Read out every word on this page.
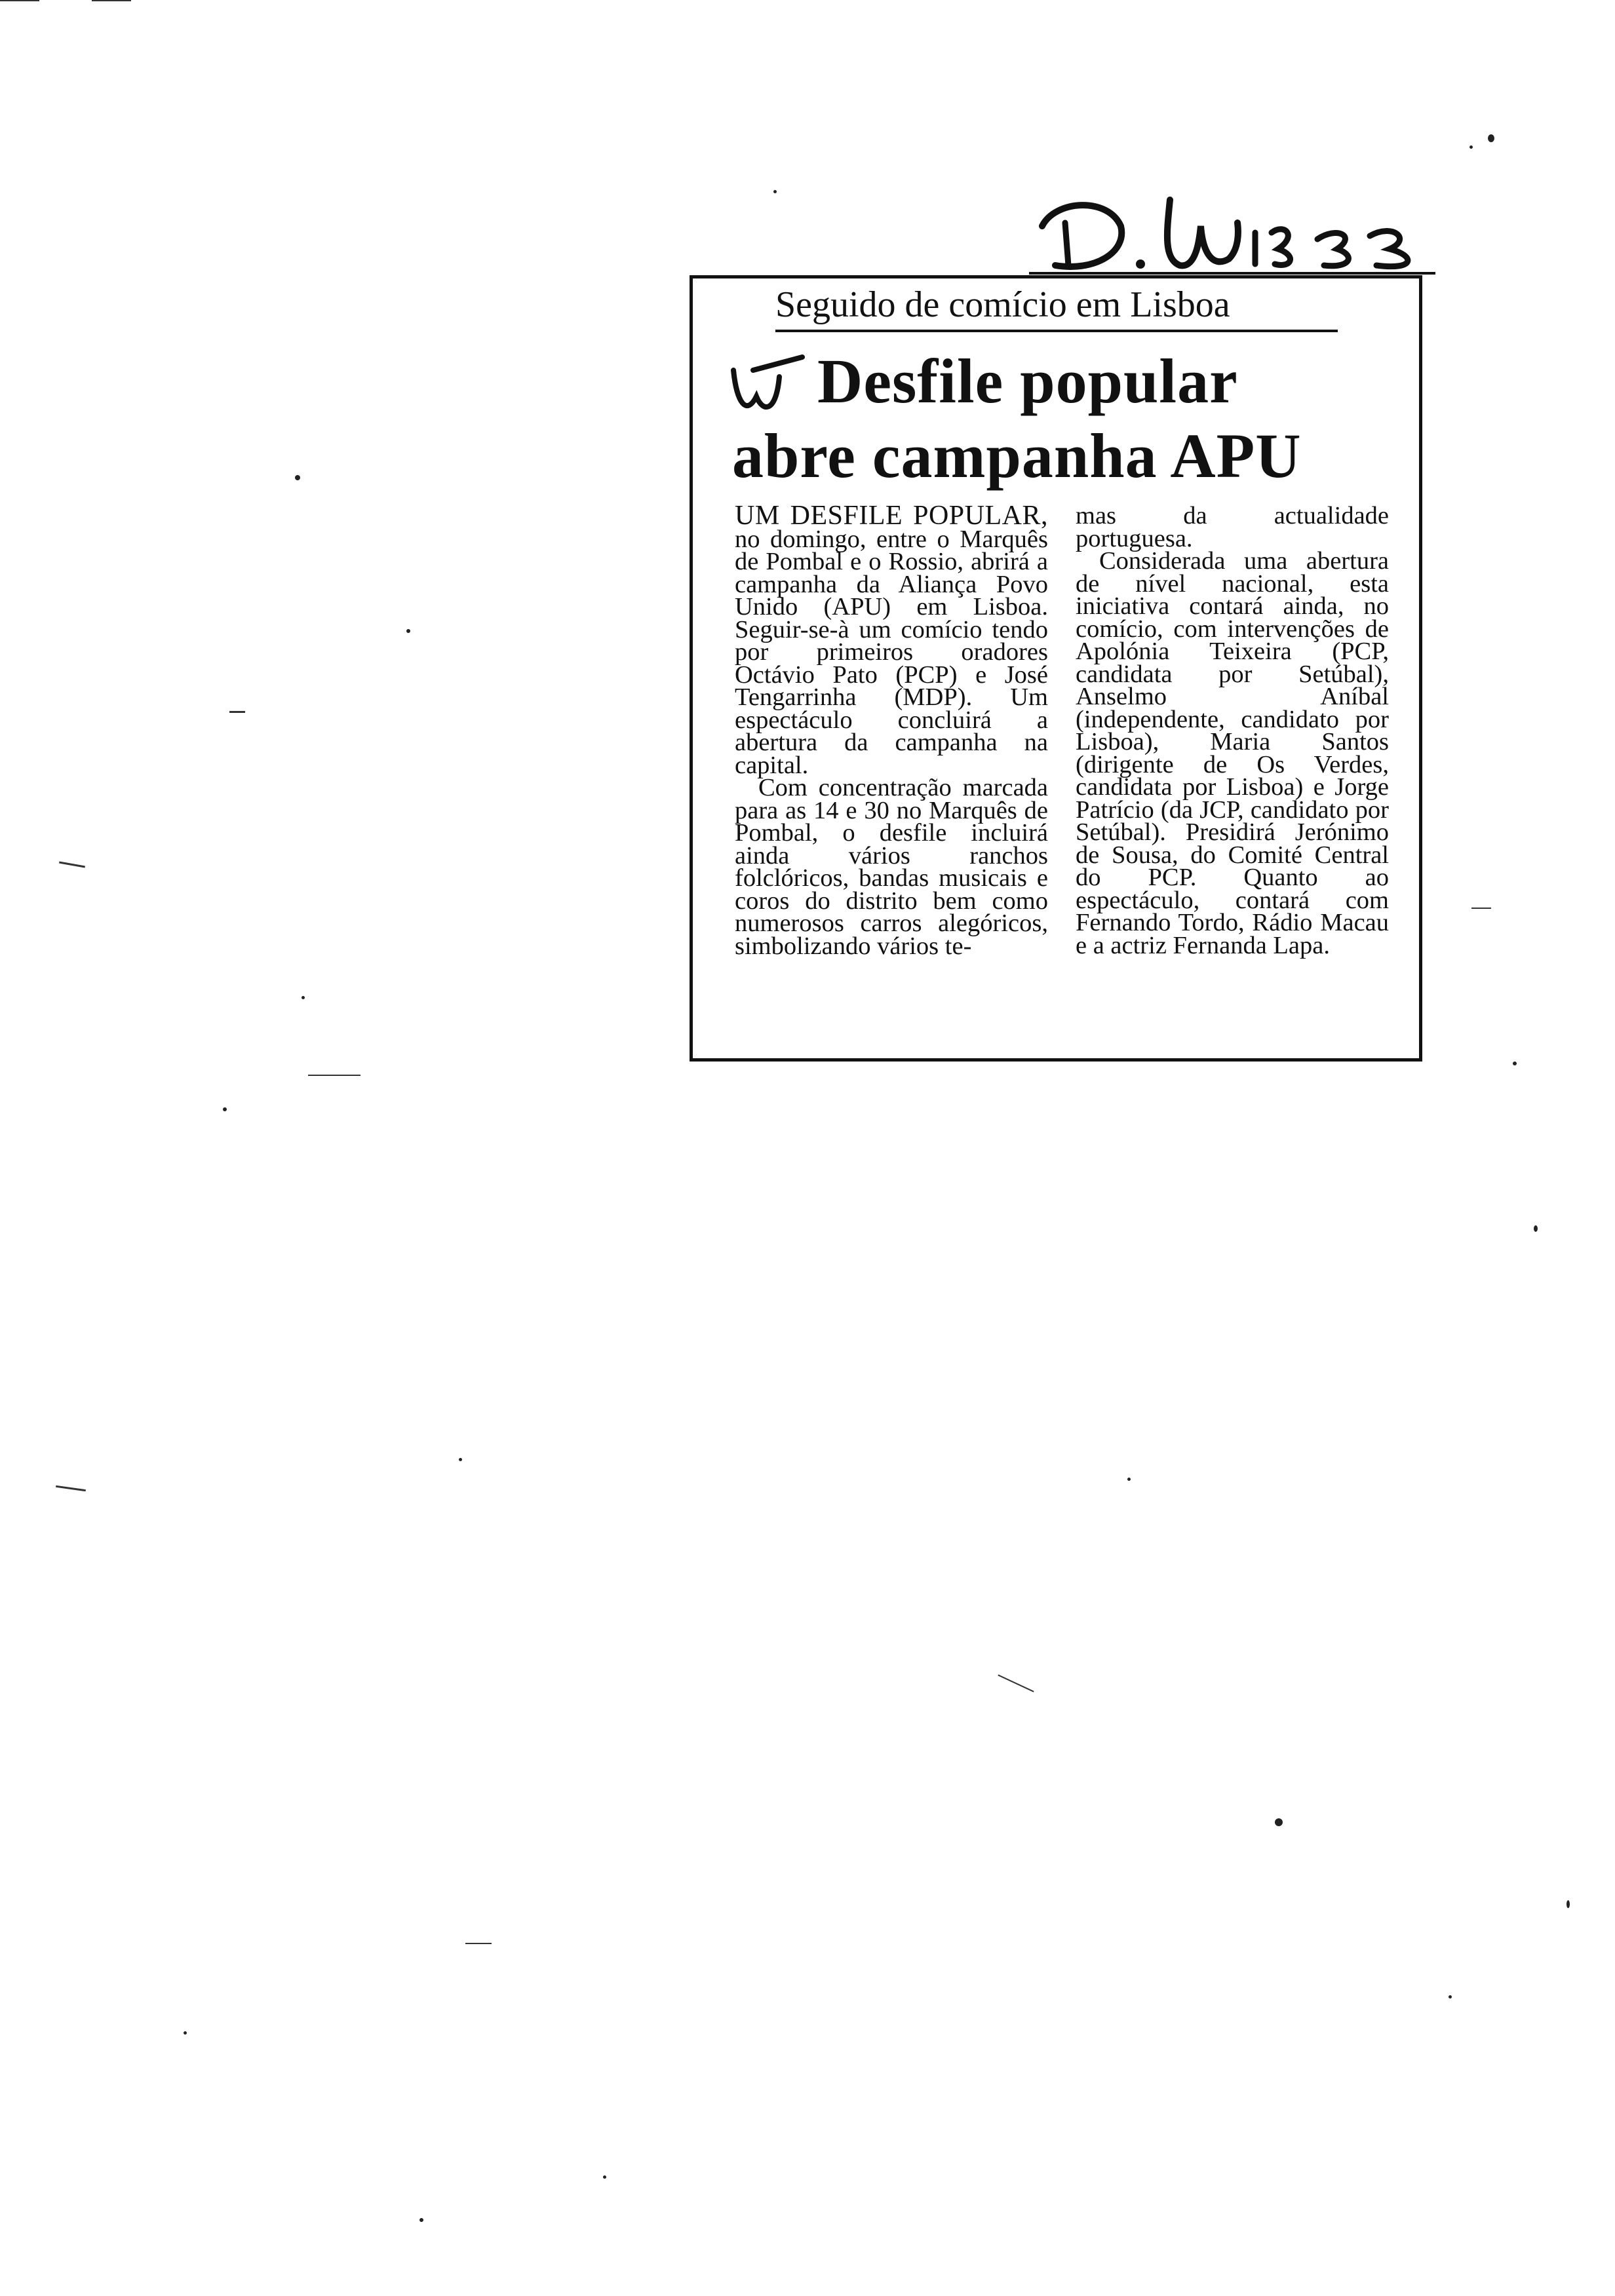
Seguido de comício em Lisboa
Desfile popular
abre campanha APU

UM DESFILE POPULAR, no domingo, entre o Marquês de Pombal e o Rossio, abrirá a campanha da Aliança Povo Unido (APU) em Lisboa. Seguir-se-à um comício tendo por primeiros oradores Octávio Pato (PCP) e José Tengarrinha (MDP). Um espectáculo concluirá a abertura da campanha na capital.

Com concentração marcada para as 14 e 30 no Marquês de Pombal, o desfile incluirá ainda vários ranchos folclóricos, bandas musicais e coros do distrito bem como numerosos carros alegóricos, simbolizando vários te-

mas da actualidade portuguesa.

Considerada uma abertura de nível nacional, esta iniciativa contará ainda, no comício, com intervenções de Apolónia Teixeira (PCP, candidata por Setúbal), Anselmo Aníbal (independente, candidato por Lisboa), Maria Santos (dirigente de Os Verdes, candidata por Lisboa) e Jorge Patrício (da JCP, candidato por Setúbal). Presidirá Jerónimo de Sousa, do Comité Central do PCP. Quanto ao espectáculo, contará com Fernando Tordo, Rádio Macau e a actriz Fernanda Lapa.
